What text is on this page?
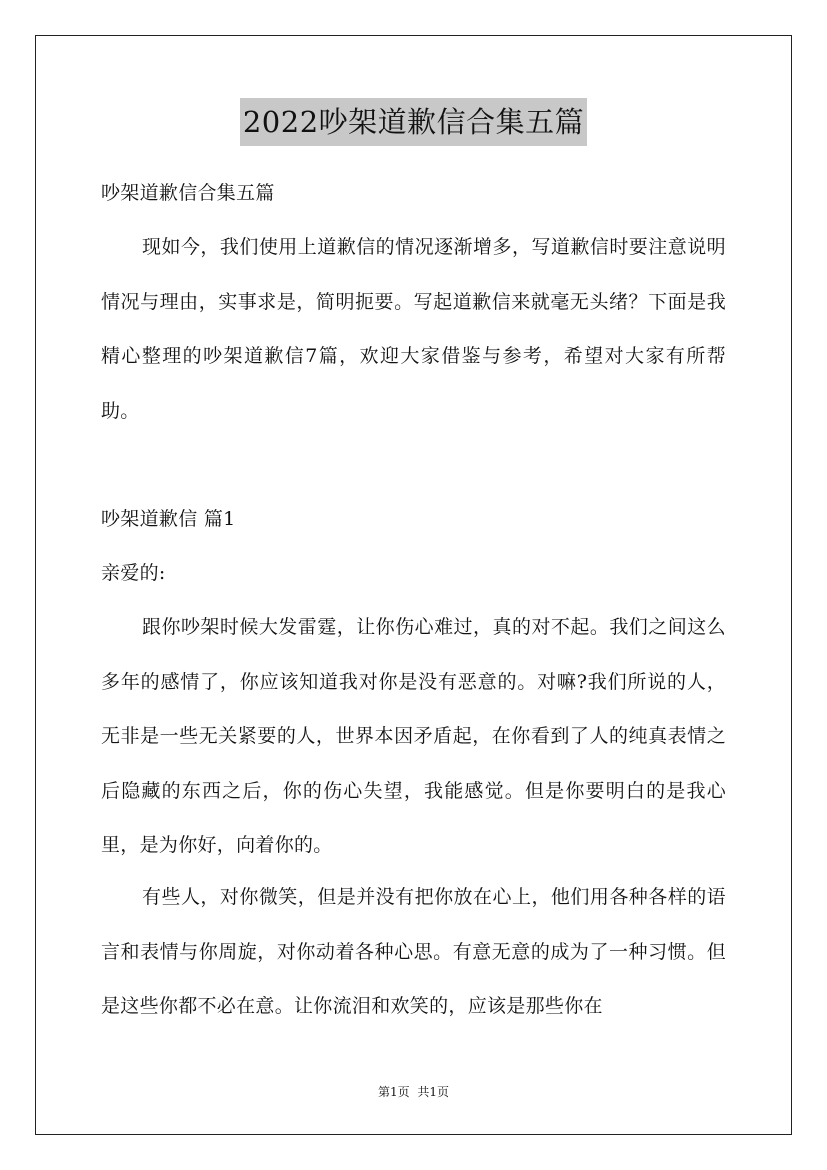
2022吵架道歉信合集五篇

吵架道歉信合集五篇

现如今，我们使用上道歉信的情况逐渐增多，写道歉信时要注意说明情况与理由，实事求是，简明扼要。写起道歉信来就毫无头绪？下面是我精心整理的吵架道歉信7篇，欢迎大家借鉴与参考，希望对大家有所帮助。

吵架道歉信 篇1

亲爱的:

跟你吵架时候大发雷霆，让你伤心难过，真的对不起。我们之间这么多年的感情了，你应该知道我对你是没有恶意的。对嘛?我们所说的人，无非是一些无关紧要的人，世界本因矛盾起，在你看到了人的纯真表情之后隐藏的东西之后，你的伤心失望，我能感觉。但是你要明白的是我心里，是为你好，向着你的。

有些人，对你微笑，但是并没有把你放在心上，他们用各种各样的语言和表情与你周旋，对你动着各种心思。有意无意的成为了一种习惯。但是这些你都不必在意。让你流泪和欢笑的，应该是那些你在

第1页 共1页
